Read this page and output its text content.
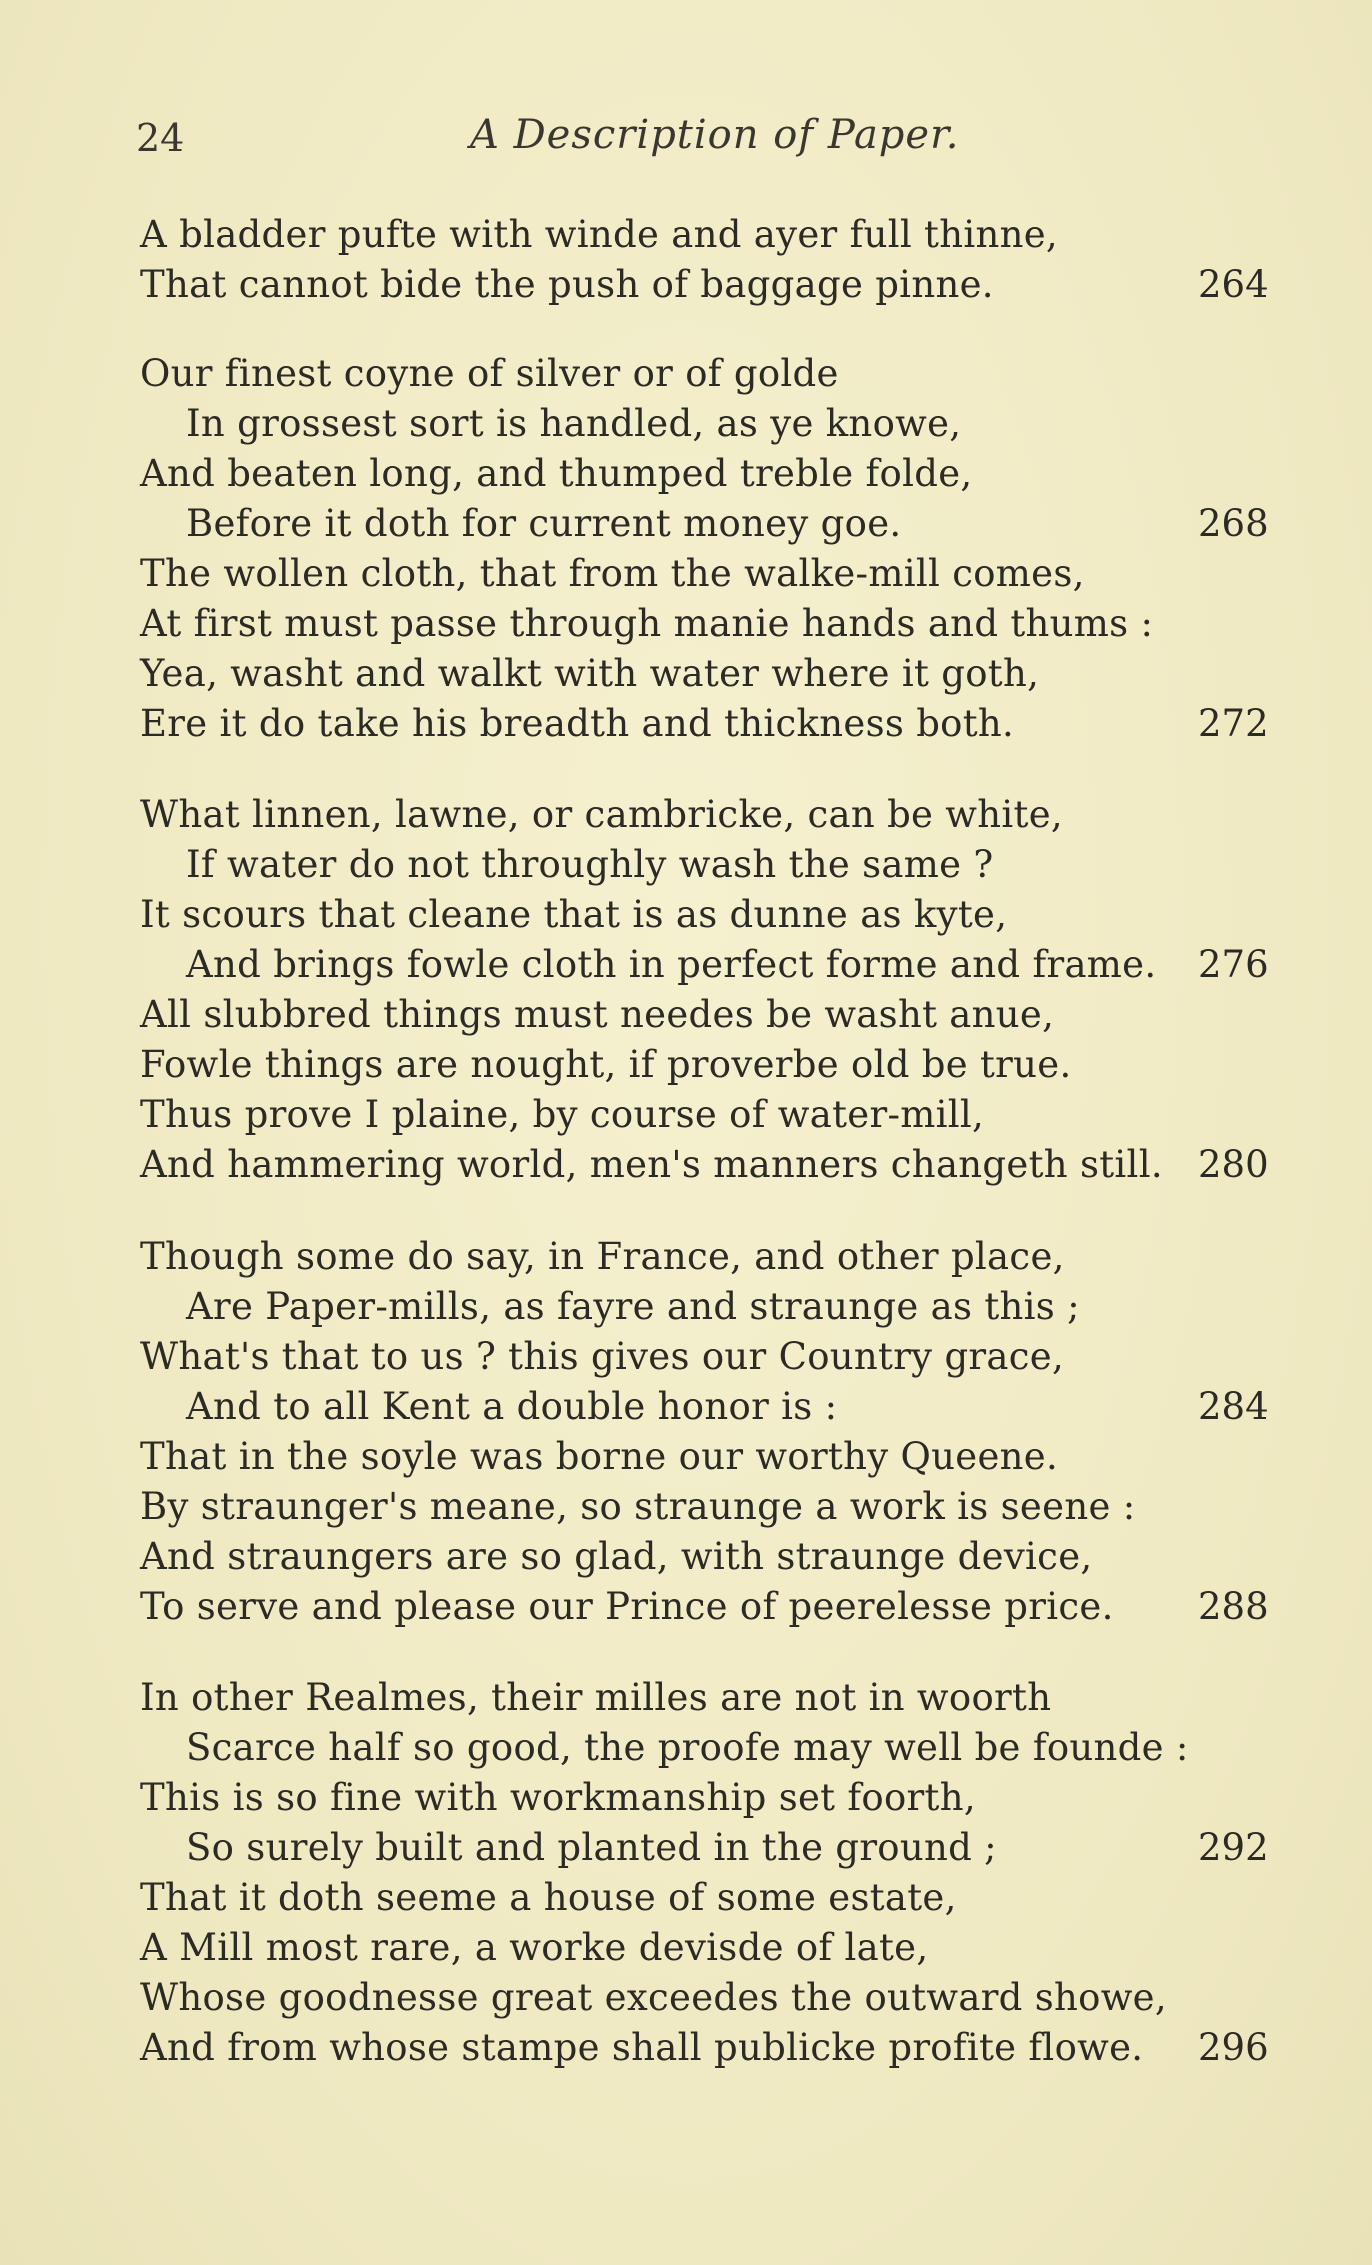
24	A Description of Paper.
A bladder pufte with winde and ayer full thinne,
That cannot bide the push of baggage pinne.	264
Our finest coyne of silver or of golde
In grossest sort is handled, as ye knowe,
And beaten long, and thumped treble folde,
Before it doth for current money goe.	268
The wollen cloth, that from the walke-mill comes,
At first must passe through manie hands and thums :
Yea, washt and walkt with water where it goth,
Ere it do take his breadth and thickness both.	272
What linnen, lawne, or cambricke, can be white,
If water do not throughly wash the same ?
It scours that cleane that is as dunne as kyte,
And brings fowle cloth in perfect forme and frame. 276
All slubbred things must needes be washt anue,
Fowle things are nought, if proverbe old be true.
Thus prove I plaine, by course of water-mill,
And hammering world, men's manners changeth still. 280
Though some do say, in France, and other place,
Are Paper-mills, as fayre and straunge as this ;
What's that to us ? this gives our Country grace,
And to all Kent a double honor is :	284
That in the soyle was borne our worthy Queene.
By straunger's meane, so straunge a work is seene :
And straungers are so glad, with straunge device,
To serve and please our Prince of peerelesse price. 288
In other Realmes, their milles are not in woorth
Scarce half so good, the proofe may well be founde :
This is so fine with workmanship set foorth,
So surely built and planted in the ground ;	292
That it doth seeme a house of some estate,
A Mill most rare, a worke devisde of late,
Whose goodnesse great exceedes the outward showe,
And from whose stampe shall publicke profite flowe. 296
